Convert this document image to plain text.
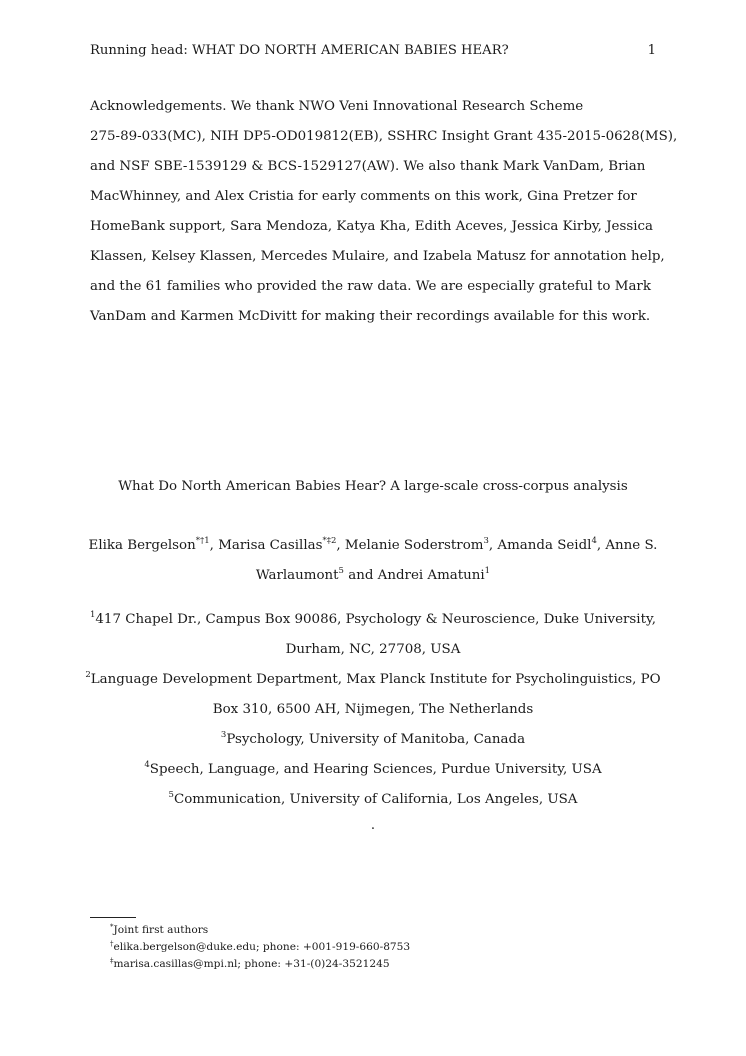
Running head: WHAT DO NORTH AMERICAN BABIES HEAR?	1
Acknowledgements. We thank NWO Veni Innovational Research Scheme
275-89-033(MC), NIH DP5-OD019812(EB), SSHRC Insight Grant 435-2015-0628(MS),
and NSF SBE-1539129 & BCS-1529127(AW). We also thank Mark VanDam, Brian
MacWhinney, and Alex Cristia for early comments on this work, Gina Pretzer for
HomeBank support, Sara Mendoza, Katya Kha, Edith Aceves, Jessica Kirby, Jessica
Klassen, Kelsey Klassen, Mercedes Mulaire, and Izabela Matusz for annotation help,
and the 61 families who provided the raw data. We are especially grateful to Mark
VanDam and Karmen McDivitt for making their recordings available for this work.
What Do North American Babies Hear? A large-scale cross-corpus analysis
Elika Bergelson$^{*\dagger 1}$, Marisa Casillas$^{*\ddagger 2}$, Melanie Soderstrom$^3$, Amanda Seidl$^4$, Anne S. Warlaumont$^5$ and Andrei Amatuni$^1$
$^1$417 Chapel Dr., Campus Box 90086, Psychology & Neuroscience, Duke University, Durham, NC, 27708, USA
$^2$Language Development Department, Max Planck Institute for Psycholinguistics, PO Box 310, 6500 AH, Nijmegen, The Netherlands
$^3$Psychology, University of Manitoba, Canada
$^4$Speech, Language, and Hearing Sciences, Purdue University, USA
$^5$Communication, University of California, Los Angeles, USA
.
*Joint first authors
†elika.bergelson@duke.edu; phone: +001-919-660-8753
‡marisa.casillas@mpi.nl; phone: +31-(0)24-3521245
